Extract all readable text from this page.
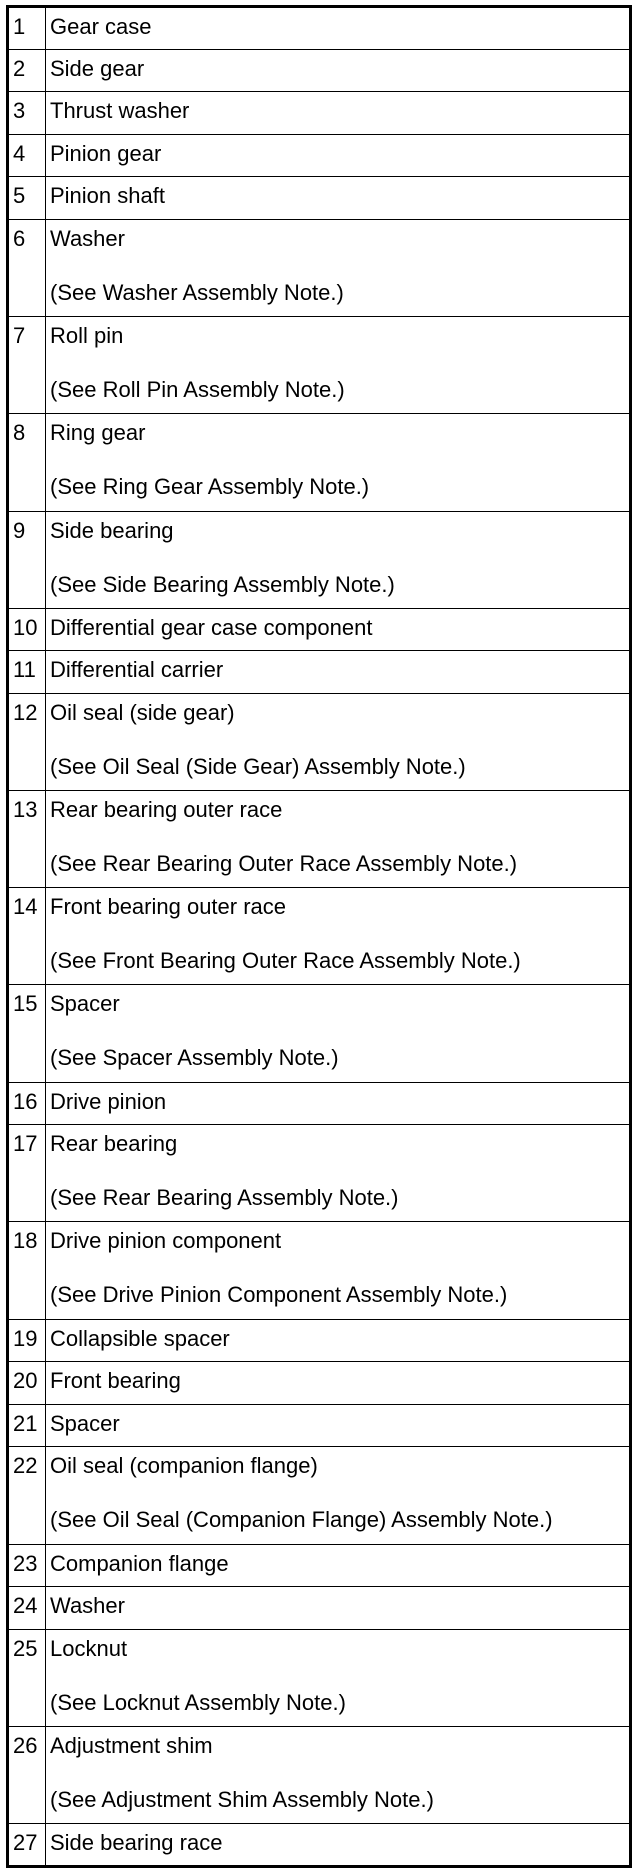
1	Gear case

2	Side gear

3	Thrust washer

4	Pinion gear

5	Pinion shaft

6	Washer
(See Washer Assembly Note.)

7	Roll pin
(See Roll Pin Assembly Note.)

8	Ring gear
(See Ring Gear Assembly Note.)

9	Side bearing
(See Side Bearing Assembly Note.)

10	Differential gear case component

11	Differential carrier

12	Oil seal (side gear)
(See Oil Seal (Side Gear) Assembly Note.)

13	Rear bearing outer race
(See Rear Bearing Outer Race Assembly Note.)

14	Front bearing outer race
(See Front Bearing Outer Race Assembly Note.)

15	Spacer
(See Spacer Assembly Note.)

16	Drive pinion

17	Rear bearing
(See Rear Bearing Assembly Note.)

18	Drive pinion component
(See Drive Pinion Component Assembly Note.)

19	Collapsible spacer

20	Front bearing

21	Spacer

22	Oil seal (companion flange)
(See Oil Seal (Companion Flange) Assembly Note.)

23	Companion flange

24	Washer

25	Locknut
(See Locknut Assembly Note.)

26	Adjustment shim
(See Adjustment Shim Assembly Note.)

27	Side bearing race
